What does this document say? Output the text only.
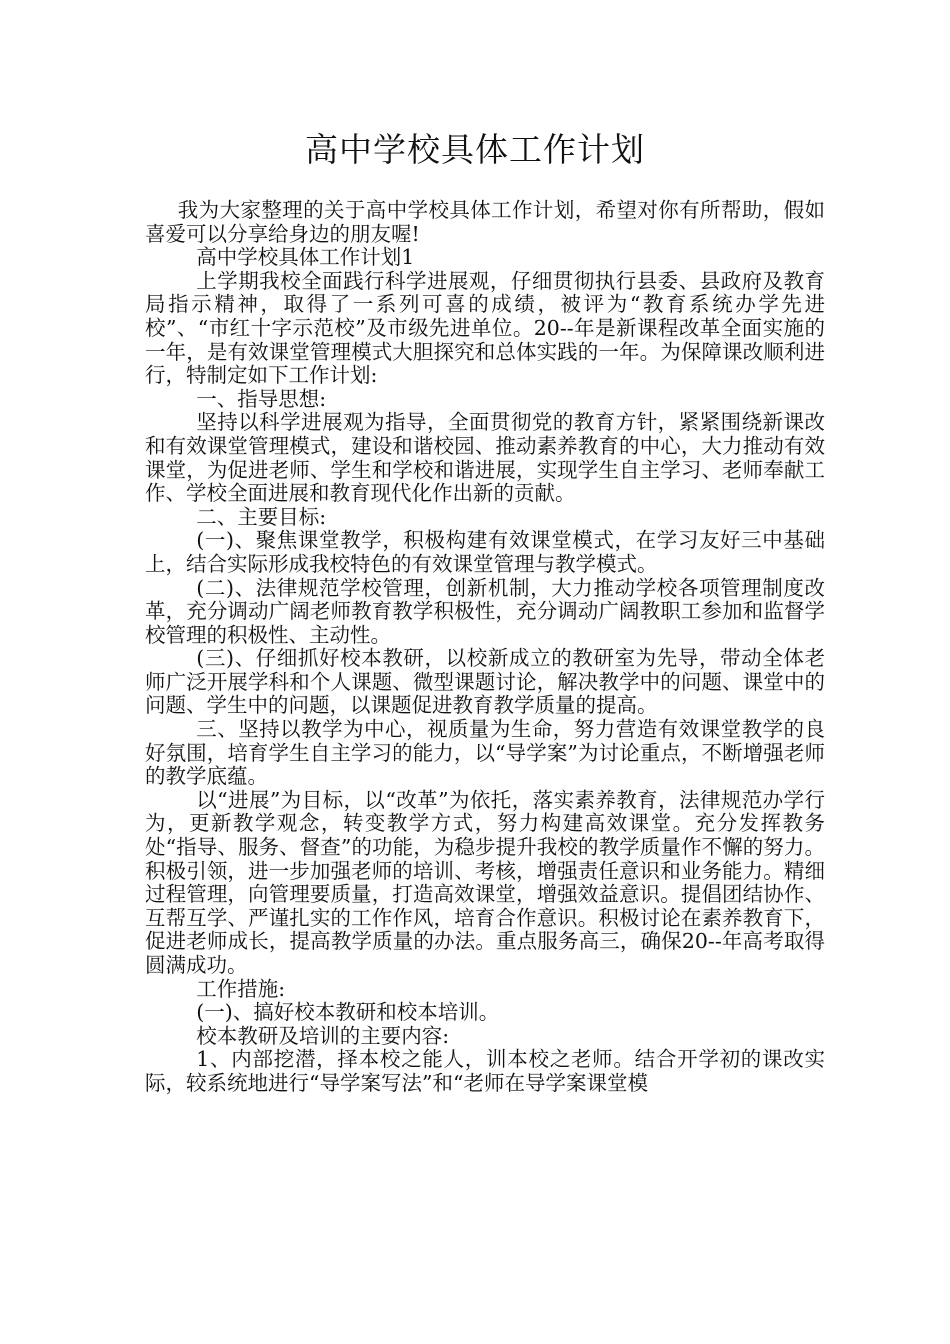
高中学校具体工作计划

我为大家整理的关于高中学校具体工作计划，希望对你有所帮助，假如喜爱可以分享给身边的朋友喔!

高中学校具体工作计划1

上学期我校全面践行科学进展观，仔细贯彻执行县委、县政府及教育局指示精神，取得了一系列可喜的成绩，被评为“教育系统办学先进校”、“市红十字示范校”及市级先进单位。20--年是新课程改革全面实施的一年，是有效课堂管理模式大胆探究和总体实践的一年。为保障课改顺利进行，特制定如下工作计划:

一、指导思想:

坚持以科学进展观为指导，全面贯彻党的教育方针，紧紧围绕新课改和有效课堂管理模式，建设和谐校园、推动素养教育的中心，大力推动有效课堂，为促进老师、学生和学校和谐进展，实现学生自主学习、老师奉献工作、学校全面进展和教育现代化作出新的贡献。

二、主要目标:

(一)、聚焦课堂教学，积极构建有效课堂模式，在学习友好三中基础上，结合实际形成我校特色的有效课堂管理与教学模式。

(二)、法律规范学校管理，创新机制，大力推动学校各项管理制度改革，充分调动广阔老师教育教学积极性，充分调动广阔教职工参加和监督学校管理的积极性、主动性。

(三)、仔细抓好校本教研，以校新成立的教研室为先导，带动全体老师广泛开展学科和个人课题、微型课题讨论，解决教学中的问题、课堂中的问题、学生中的问题，以课题促进教育教学质量的提高。

三、坚持以教学为中心，视质量为生命，努力营造有效课堂教学的良好氛围，培育学生自主学习的能力，以“导学案”为讨论重点，不断增强老师的教学底蕴。

以“进展”为目标，以“改革”为依托，落实素养教育，法律规范办学行为，更新教学观念，转变教学方式，努力构建高效课堂。充分发挥教务处“指导、服务、督查”的功能，为稳步提升我校的教学质量作不懈的努力。积极引领，进一步加强老师的培训、考核，增强责任意识和业务能力。精细过程管理，向管理要质量，打造高效课堂，增强效益意识。提倡团结协作、互帮互学、严谨扎实的工作作风，培育合作意识。积极讨论在素养教育下，促进老师成长，提高教学质量的办法。重点服务高三，确保20--年高考取得圆满成功。

工作措施:

(一)、搞好校本教研和校本培训。

校本教研及培训的主要内容:

1、内部挖潜，择本校之能人，训本校之老师。结合开学初的课改实际，较系统地进行“导学案写法”和“老师在导学案课堂模
